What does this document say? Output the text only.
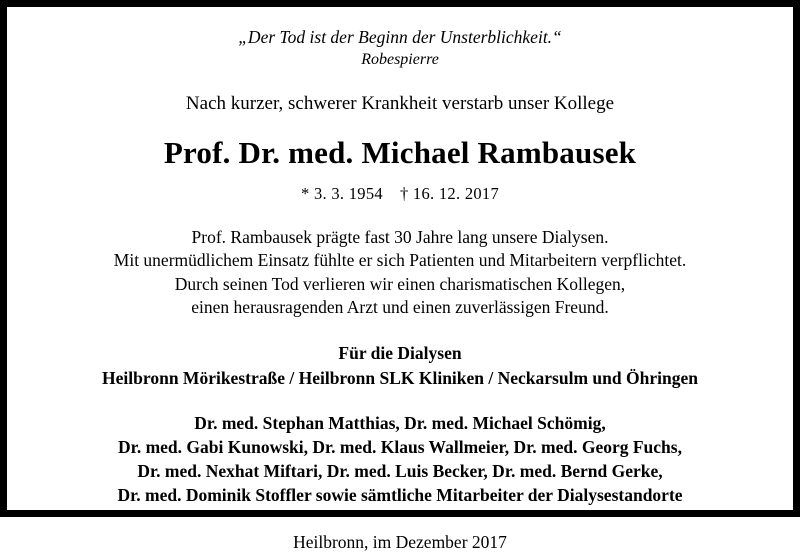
„Der Tod ist der Beginn der Unsterblichkeit.“
Robespierre
Nach kurzer, schwerer Krankheit verstarb unser Kollege
Prof. Dr. med. Michael Rambausek
* 3. 3. 1954 † 16. 12. 2017
Prof. Rambausek prägte fast 30 Jahre lang unsere Dialysen.
Mit unermüdlichem Einsatz fühlte er sich Patienten und Mitarbeitern verpflichtet.
Durch seinen Tod verlieren wir einen charismatischen Kollegen,
einen herausragenden Arzt und einen zuverlässigen Freund.
Für die Dialysen
Heilbronn Mörikestraße / Heilbronn SLK Kliniken / Neckarsulm und Öhringen
Dr. med. Stephan Matthias, Dr. med. Michael Schömig,
Dr. med. Gabi Kunowski, Dr. med. Klaus Wallmeier, Dr. med. Georg Fuchs,
Dr. med. Nexhat Miftari, Dr. med. Luis Becker, Dr. med. Bernd Gerke,
Dr. med. Dominik Stoffler sowie sämtliche Mitarbeiter der Dialysestandorte
Heilbronn, im Dezember 2017
